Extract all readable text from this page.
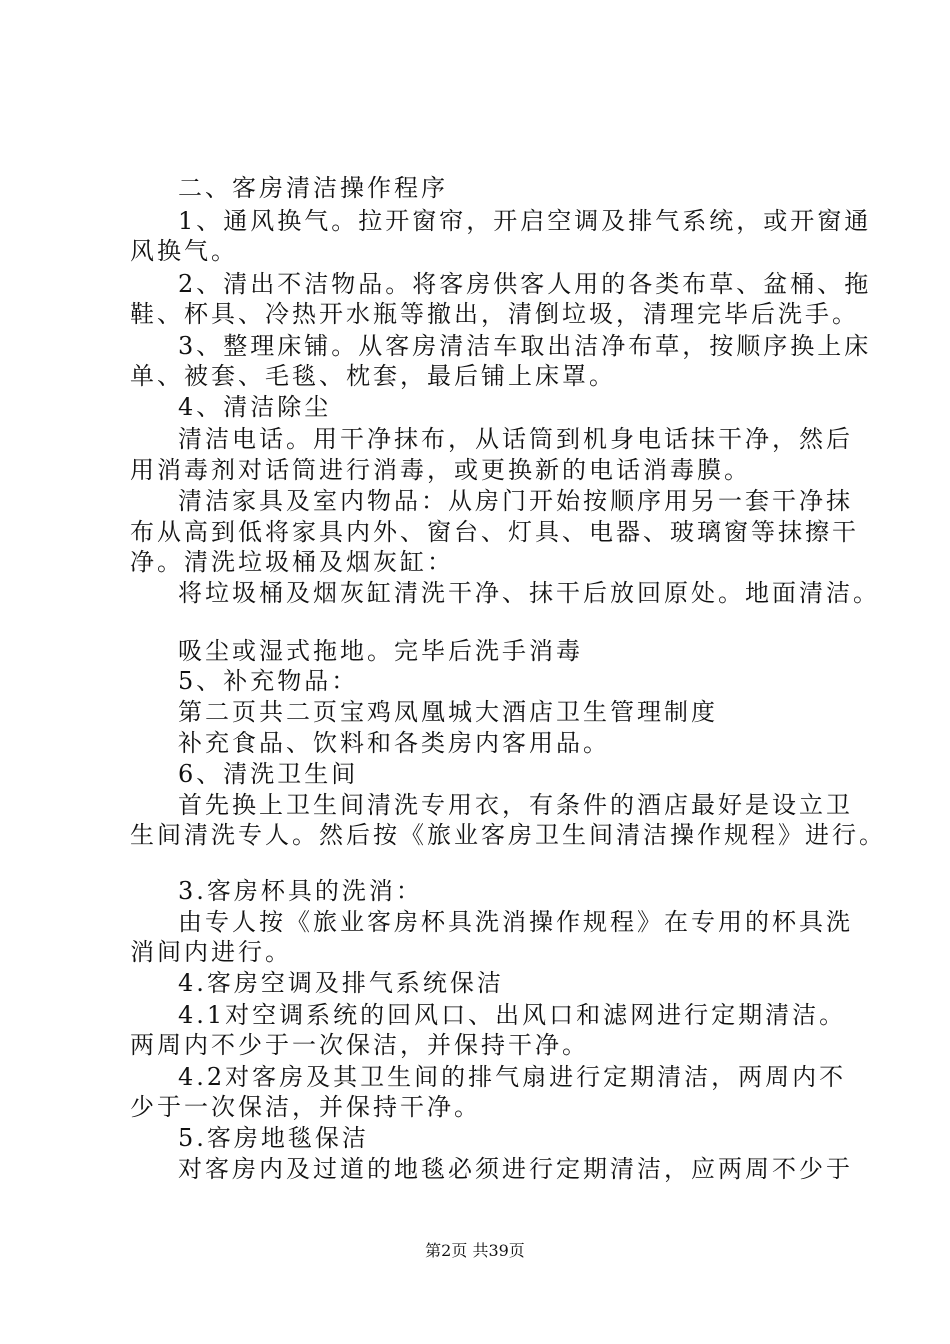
二、客房清洁操作程序
1、通风换气。拉开窗帘，开启空调及排气系统，或开窗通
风换气。
2、清出不洁物品。将客房供客人用的各类布草、盆桶、拖
鞋、杯具、冷热开水瓶等撤出，清倒垃圾，清理完毕后洗手。
3、整理床铺。从客房清洁车取出洁净布草，按顺序换上床
单、被套、毛毯、枕套，最后铺上床罩。
4、清洁除尘
清洁电话。用干净抹布，从话筒到机身电话抹干净，然后
用消毒剂对话筒进行消毒，或更换新的电话消毒膜。
清洁家具及室内物品：从房门开始按顺序用另一套干净抹
布从高到低将家具内外、窗台、灯具、电器、玻璃窗等抹擦干
净。清洗垃圾桶及烟灰缸：
将垃圾桶及烟灰缸清洗干净、抹干后放回原处。地面清洁。
吸尘或湿式拖地。完毕后洗手消毒
5、补充物品：
第二页共二页宝鸡凤凰城大酒店卫生管理制度
补充食品、饮料和各类房内客用品。
6、清洗卫生间
首先换上卫生间清洗专用衣，有条件的酒店最好是设立卫
生间清洗专人。然后按《旅业客房卫生间清洁操作规程》进行。
3.客房杯具的洗消：
由专人按《旅业客房杯具洗消操作规程》在专用的杯具洗
消间内进行。
4.客房空调及排气系统保洁
4.1对空调系统的回风口、出风口和滤网进行定期清洁。
两周内不少于一次保洁，并保持干净。
4.2对客房及其卫生间的排气扇进行定期清洁，两周内不
少于一次保洁，并保持干净。
5.客房地毯保洁
对客房内及过道的地毯必须进行定期清洁，应两周不少于
第2页 共39页
